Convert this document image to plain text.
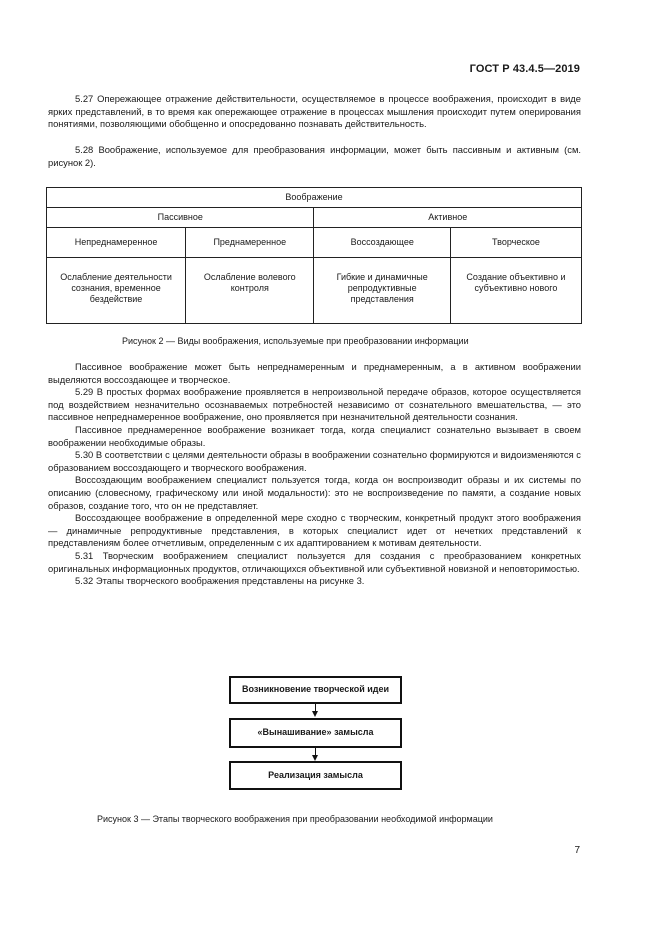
ГОСТ Р 43.4.5—2019

5.27 Опережающее отражение действительности, осуществляемое в процессе воображения, происходит в виде ярких представлений, в то время как опережающее отражение в процессах мышления происходит путем оперирования понятиями, позволяющими обобщенно и опосредованно познавать действительность.

5.28 Воображение, используемое для преобразования информации, может быть пассивным и активным (см. рисунок 2).

Воображение			
Пассивное		Активное	
Непреднамеренное	Преднамеренное	Воссоздающее	Творческое
Ослабление деятельности сознания, временное бездействие	Ослабление волевого контроля	Гибкие и динамичные репродуктивные представления	Создание объективно и субъективно нового
Рисунок 2 — Виды воображения, используемые при преобразовании информации

Пассивное воображение может быть непреднамеренным и преднамеренным, а в активном воображении выделяются воссоздающее и творческое.

5.29 В простых формах воображение проявляется в непроизвольной передаче образов, которое осуществляется под воздействием незначительно осознаваемых потребностей независимо от сознательного вмешательства, — это пассивное непреднамеренное воображение, оно проявляется при незначительной деятельности сознания.

Пассивное преднамеренное воображение возникает тогда, когда специалист сознательно вызывает в своем воображении необходимые образы.

5.30 В соответствии с целями деятельности образы в воображении сознательно формируются и видоизменяются с образованием воссоздающего и творческого воображения.

Воссоздающим воображением специалист пользуется тогда, когда он воспроизводит образы и их системы по описанию (словесному, графическому или иной модальности): это не воспроизведение по памяти, а создание новых образов, создание того, что он не представляет.

Воссоздающее воображение в определенной мере сходно с творческим, конкретный продукт этого воображения — динамичные репродуктивные представления, в которых специалист идет от нечетких представлений к представлениям более отчетливым, определенным с их адаптированием к мотивам деятельности.

5.31 Творческим воображением специалист пользуется для создания с преобразованием конкретных оригинальных информационных продуктов, отличающихся объективной или субъективной новизной и неповторимостью.

5.32 Этапы творческого воображения представлены на рисунке 3.

Возникновение творческой идеи
«Вынашивание» замысла
Реализация замысла
Рисунок 3 — Этапы творческого воображения при преобразовании необходимой информации
7
